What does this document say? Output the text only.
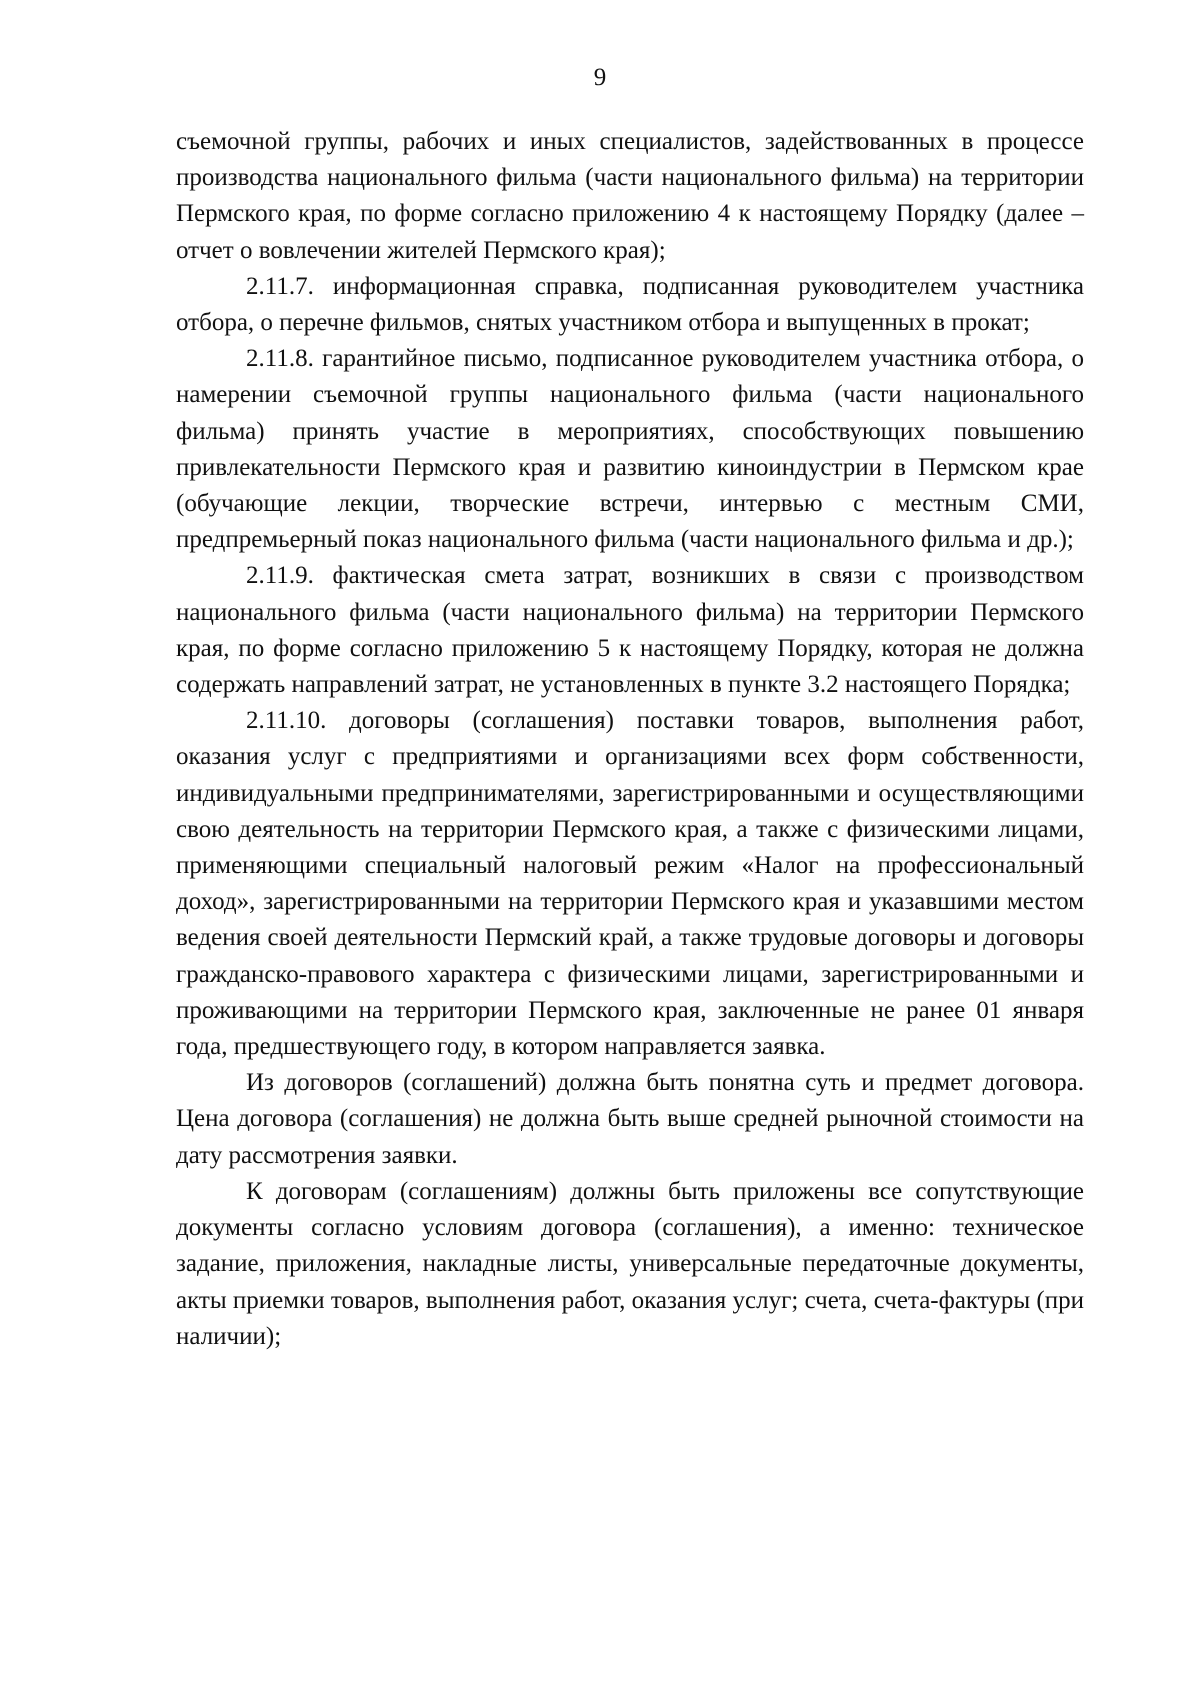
9

съемочной группы, рабочих и иных специалистов, задействованных в процессе производства национального фильма (части национального фильма) на территории Пермского края, по форме согласно приложению 4 к настоящему Порядку (далее – отчет о вовлечении жителей Пермского края);

2.11.7. информационная справка, подписанная руководителем участника отбора, о перечне фильмов, снятых участником отбора и выпущенных в прокат;

2.11.8. гарантийное письмо, подписанное руководителем участника отбора, о намерении съемочной группы национального фильма (части национального фильма) принять участие в мероприятиях, способствующих повышению привлекательности Пермского края и развитию киноиндустрии в Пермском крае (обучающие лекции, творческие встречи, интервью с местным СМИ, предпремьерный показ национального фильма (части национального фильма и др.);

2.11.9. фактическая смета затрат, возникших в связи с производством национального фильма (части национального фильма) на территории Пермского края, по форме согласно приложению 5 к настоящему Порядку, которая не должна содержать направлений затрат, не установленных в пункте 3.2 настоящего Порядка;

2.11.10. договоры (соглашения) поставки товаров, выполнения работ, оказания услуг с предприятиями и организациями всех форм собственности, индивидуальными предпринимателями, зарегистрированными и осуществляющими свою деятельность на территории Пермского края, а также с физическими лицами, применяющими специальный налоговый режим «Налог на профессиональный доход», зарегистрированными на территории Пермского края и указавшими местом ведения своей деятельности Пермский край, а также трудовые договоры и договоры гражданско-правового характера с физическими лицами, зарегистрированными и проживающими на территории Пермского края, заключенные не ранее 01 января года, предшествующего году, в котором направляется заявка.

Из договоров (соглашений) должна быть понятна суть и предмет договора. Цена договора (соглашения) не должна быть выше средней рыночной стоимости на дату рассмотрения заявки.

К договорам (соглашениям) должны быть приложены все сопутствующие документы согласно условиям договора (соглашения), а именно: техническое задание, приложения, накладные листы, универсальные передаточные документы, акты приемки товаров, выполнения работ, оказания услуг; счета, счета-фактуры (при наличии);
